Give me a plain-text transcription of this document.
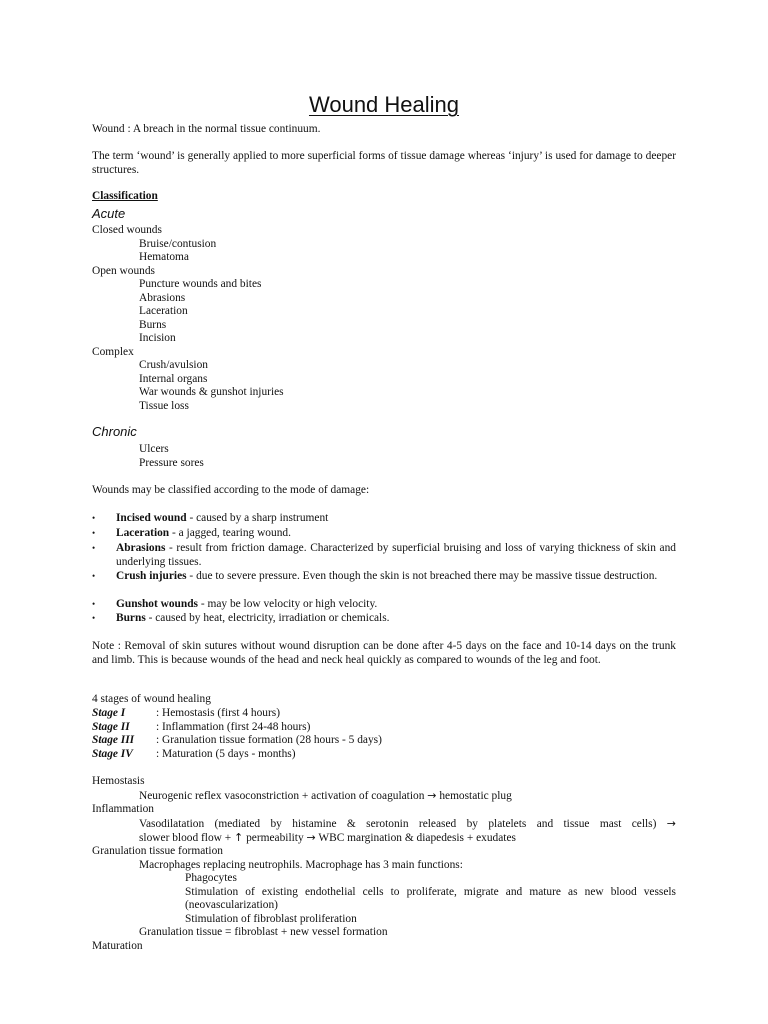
Wound Healing
Wound : A breach in the normal tissue continuum.
The term ‘wound’ is generally applied to more superficial forms of tissue damage whereas ‘injury’ is used for damage to deeper structures.
Classification
Acute
Closed wounds
Bruise/contusion
Hematoma
Open wounds
Puncture wounds and bites
Abrasions
Laceration
Burns
Incision
Complex
Crush/avulsion
Internal organs
War wounds & gunshot injuries
Tissue loss
Chronic
Ulcers
Pressure sores
Wounds may be classified according to the mode of damage:
• Incised wound - caused by a sharp instrument
• Laceration - a jagged, tearing wound.
• Abrasions - result from friction damage. Characterized by superficial bruising and loss of varying thickness of skin and underlying tissues.
• Crush injuries - due to severe pressure. Even though the skin is not breached there may be massive tissue destruction.
• Gunshot wounds - may be low velocity or high velocity.
• Burns - caused by heat, electricity, irradiation or chemicals.
Note : Removal of skin sutures without wound disruption can be done after 4-5 days on the face and 10-14 days on the trunk and limb. This is because wounds of the head and neck heal quickly as compared to wounds of the leg and foot.
4 stages of wound healing
Stage I	: Hemostasis (first 4 hours)
Stage II	: Inflammation (first 24-48 hours)
Stage III	: Granulation tissue formation (28 hours - 5 days)
Stage IV	: Maturation (5 days - months)
Hemostasis
Neurogenic reflex vasoconstriction + activation of coagulation → hemostatic plug
Inflammation
Vasodilatation (mediated by histamine & serotonin released by platelets and tissue mast cells) →
slower blood flow + ↑ permeability → WBC margination & diapedesis + exudates
Granulation tissue formation
Macrophages replacing neutrophils. Macrophage has 3 main functions:
Phagocytes
Stimulation of existing endothelial cells to proliferate, migrate and mature as new blood vessels (neovascularization)
Stimulation of fibroblast proliferation
Granulation tissue = fibroblast + new vessel formation
Maturation
